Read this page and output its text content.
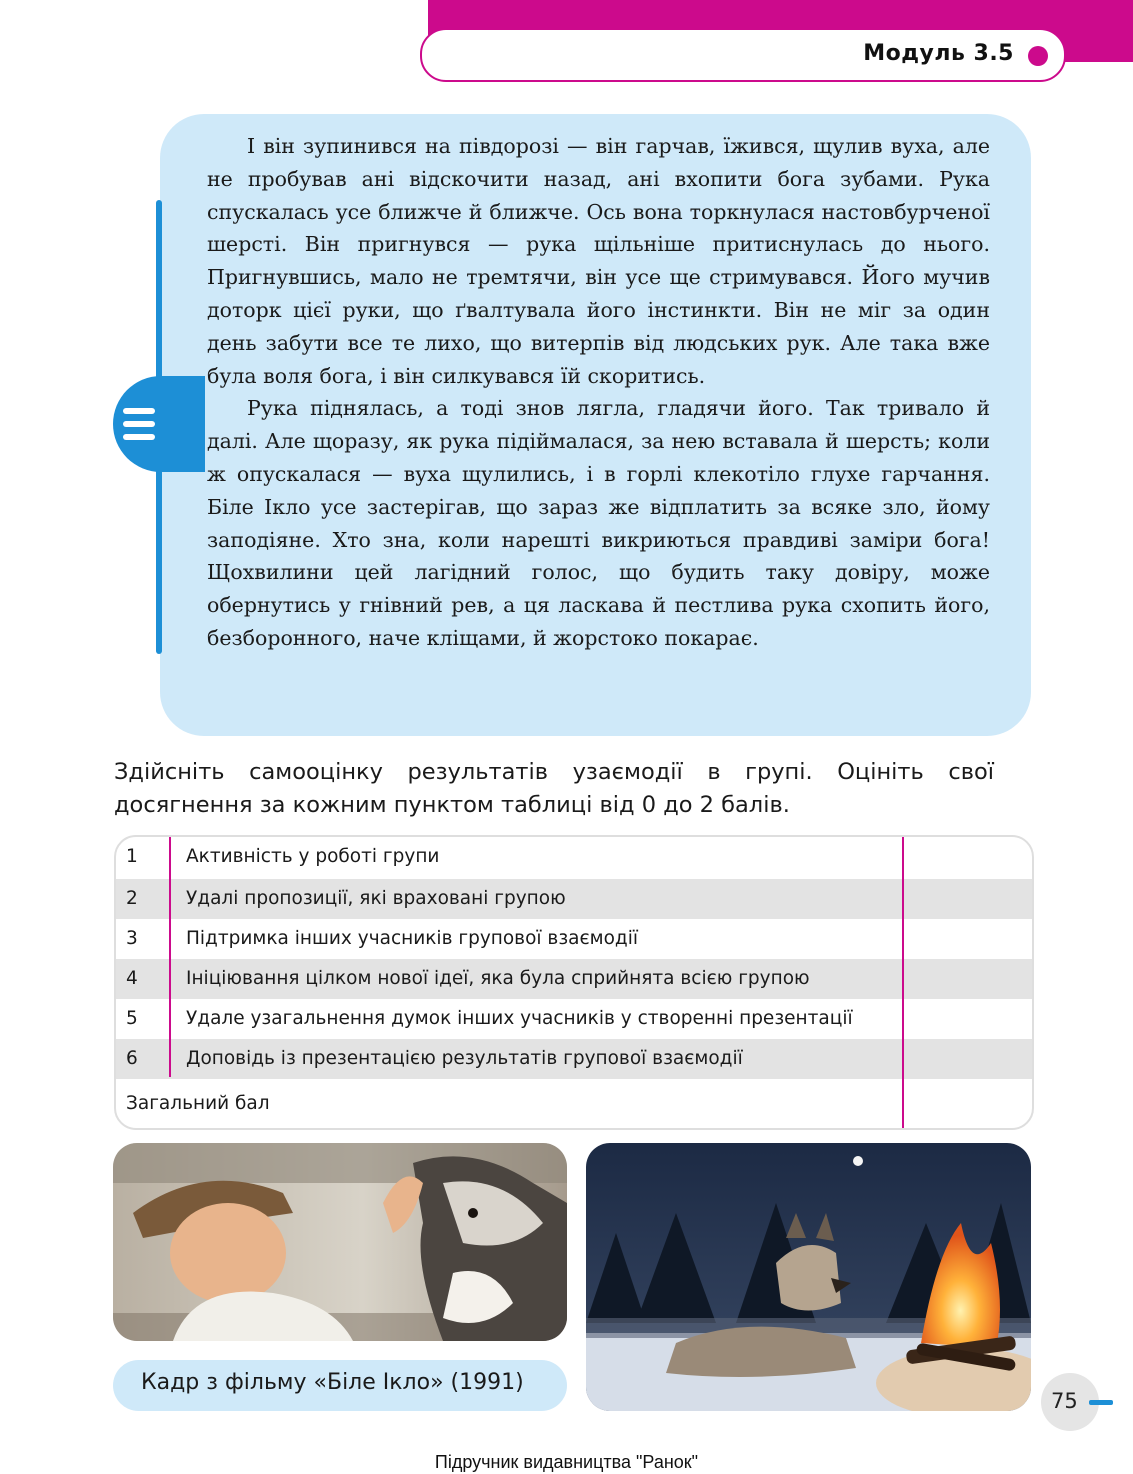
Модуль 3.5

І він зупинився на півдорозі — він гарчав, їжився, щулив вуха, але не пробував ані відскочити назад, ані вхопити бога зубами. Рука спускалась усе ближче й ближче. Ось вона торкнулася настовбурченої шерсті. Він пригнувся — рука щільніше притиснулась до нього. Пригнувшись, мало не тремтячи, він усе ще стримувався. Його мучив доторк цієї руки, що ґвалтувала його інстинкти. Він не міг за один день забути все те лихо, що витерпів від людських рук. Але така вже була воля бога, і він силкувався їй скоритись.

Рука піднялась, а тоді знов лягла, гладячи його. Так тривало й далі. Але щоразу, як рука підіймалася, за нею вставала й шерсть; коли ж опускалася — вуха щулились, і в горлі клекотіло глухе гарчання. Біле Ікло усе застерігав, що зараз же відплатить за всяке зло, йому заподіяне. Хто зна, коли нарешті викриються правдиві заміри бога! Щохвилини цей лагідний голос, що будить таку довіру, може обернутись у гнівний рев, а ця ласкава й пестлива рука схопить його, безборонного, наче кліщами, й жорстоко покарає.

Здійсніть самооцінку результатів узаємодії в групі. Оцініть свої досягнення за кожним пунктом таблиці від 0 до 2 балів.
1	Активність у роботі групи
2	Удалі пропозиції, які враховані групою
3	Підтримка інших учасників групової взаємодії
4	Ініціювання цілком нової ідеї, яка була сприйнята всією групою
5	Удале узагальнення думок інших учасників у створенні презентації
6	Доповідь із презентацією результатів групової взаємодії
Загальний бал
Кадр з фільму «Біле Ікло» (1991)
75
Підручник видавництва "Ранок"
